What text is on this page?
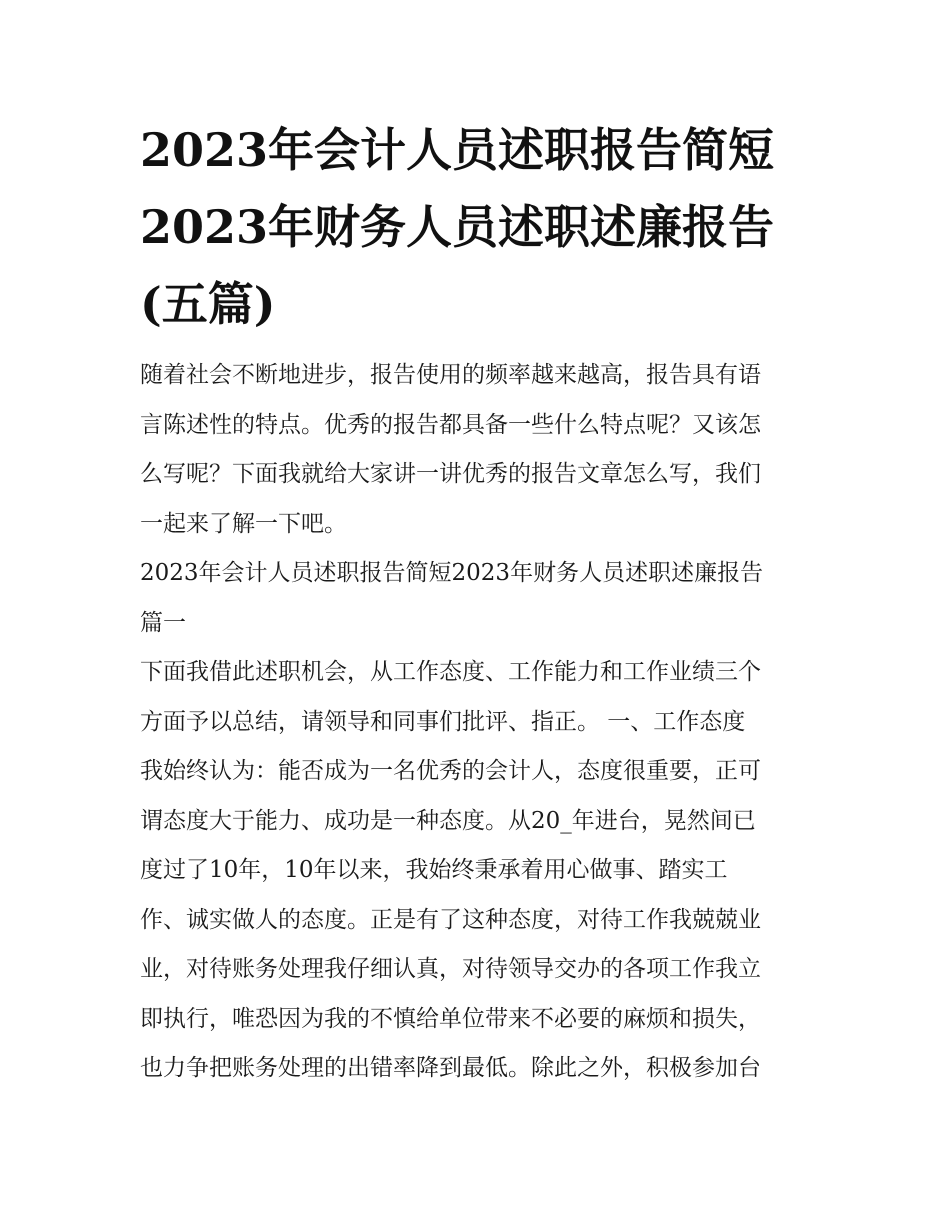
2023年会计人员述职报告简短
2023年财务人员述职述廉报告
(五篇)

随着社会不断地进步，报告使用的频率越来越高，报告具有语
言陈述性的特点。优秀的报告都具备一些什么特点呢？又该怎
么写呢？下面我就给大家讲一讲优秀的报告文章怎么写，我们
一起来了解一下吧。

2023年会计人员述职报告简短2023年财务人员述职述廉报告
篇一

下面我借此述职机会，从工作态度、工作能力和工作业绩三个
方面予以总结，请领导和同事们批评、指正。 一、工作态度
我始终认为：能否成为一名优秀的会计人，态度很重要，正可
谓态度大于能力、成功是一种态度。从20_年进台，晃然间已
度过了10年，10年以来，我始终秉承着用心做事、踏实工
作、诚实做人的态度。正是有了这种态度，对待工作我兢兢业
业，对待账务处理我仔细认真，对待领导交办的各项工作我立
即执行，唯恐因为我的不慎给单位带来不必要的麻烦和损失，
也力争把账务处理的出错率降到最低。除此之外，积极参加台
